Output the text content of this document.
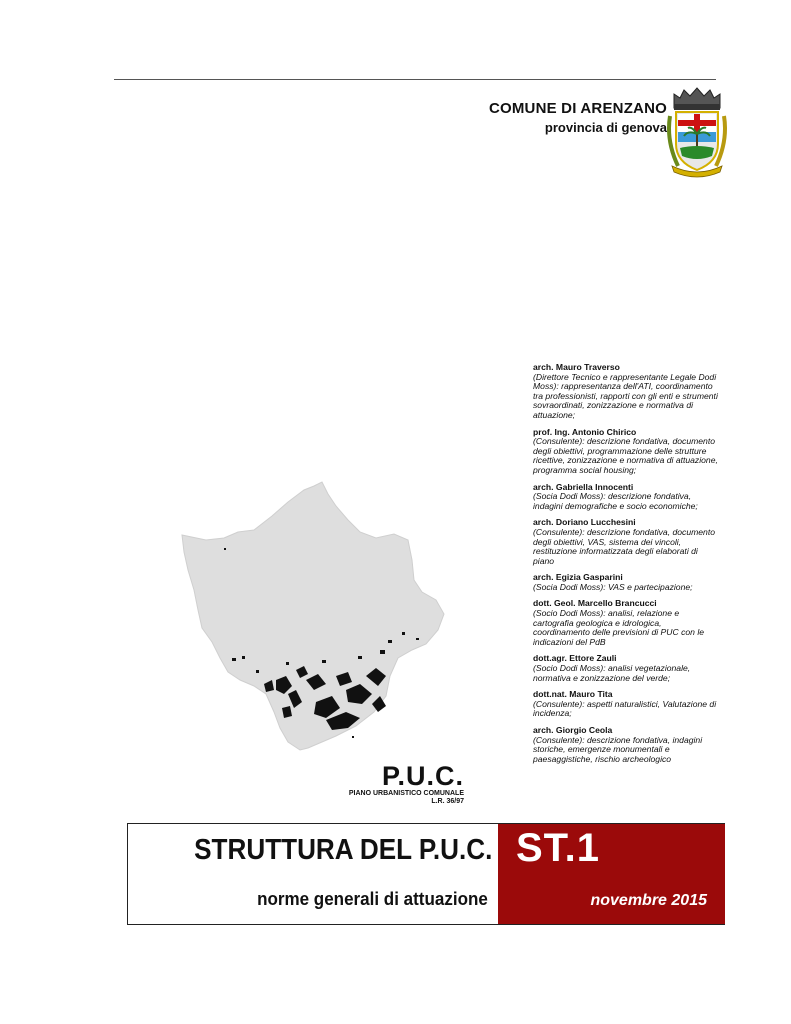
COMUNE DI ARENZANO
provincia di genova
arch. Mauro Traverso
(Direttore Tecnico e rappresentante Legale Dodi Moss): rappresentanza dell'ATI, coordinamento tra professionisti, rapporti con gli enti e strumenti sovraordinati, zonizzazione e normativa di attuazione;
prof. Ing. Antonio Chirico
(Consulente): descrizione fondativa, documento degli obiettivi, programmazione delle strutture ricettive, zonizzazione e normativa di attuazione, programma social housing;
arch. Gabriella Innocenti
(Socia Dodi Moss): descrizione fondativa, indagini demografiche e socio economiche;
arch. Doriano Lucchesini
(Consulente): descrizione fondativa, documento degli obiettivi, VAS, sistema dei vincoli, restituzione informatizzata degli elaborati di piano
arch. Egizia Gasparini
(Socia Dodi Moss): VAS e partecipazione;
dott. Geol. Marcello Brancucci
(Socio Dodi Moss): analisi, relazione e cartografia geologica e idrologica, coordinamento delle previsioni di PUC con le indicazioni del PdB
dott.agr. Ettore Zauli
(Socio Dodi Moss): analisi vegetazionale, normativa e zonizzazione del verde;
dott.nat. Mauro Tita
(Consulente): aspetti naturalistici, Valutazione di incidenza;
arch. Giorgio Ceola
(Consulente): descrizione fondativa, indagini storiche, emergenze monumentali e paesaggistiche, rischio archeologico
P.U.C.
PIANO URBANISTICO COMUNALE
L.R. 36/97
STRUTTURA DEL P.U.C.
norme generali di attuazione
ST.1
novembre 2015
